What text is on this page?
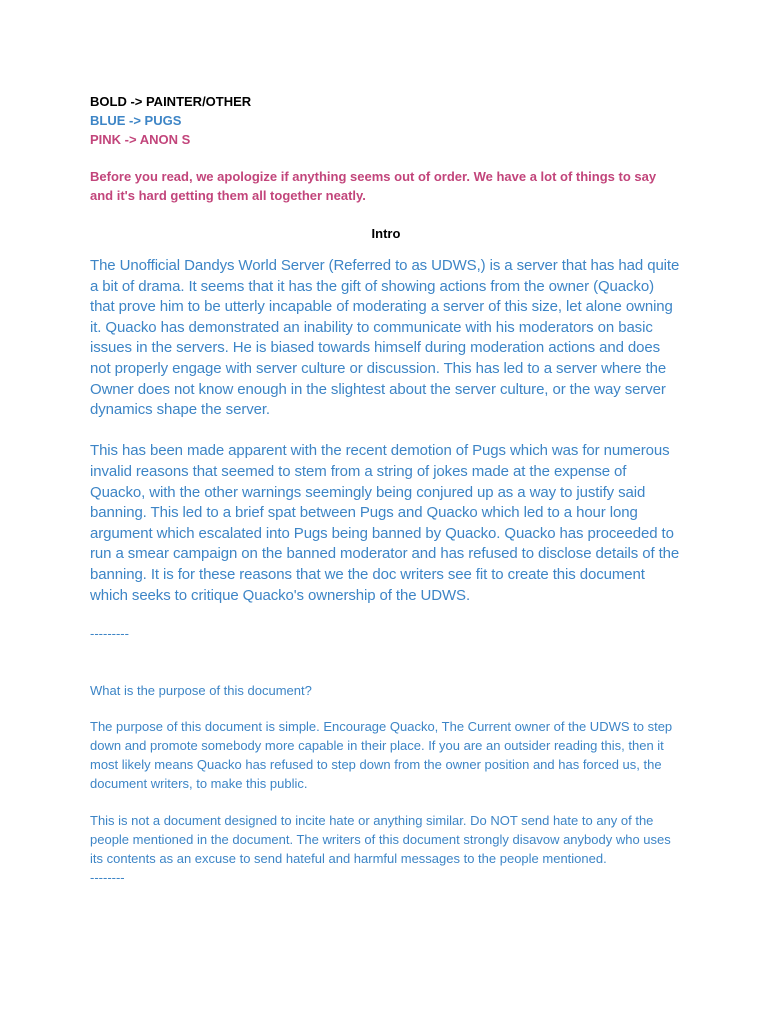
BOLD -> PAINTER/OTHER

BLUE -> PUGS

PINK -> ANON S

Before you read, we apologize if anything seems out of order. We have a lot of things to say and it's hard getting them all together neatly.
Intro
The Unofficial Dandys World Server (Referred to as UDWS,) is a server that has had quite a bit of drama. It seems that it has the gift of showing actions from the owner (Quacko) that prove him to be utterly incapable of moderating a server of this size, let alone owning it. Quacko has demonstrated an inability to communicate with his moderators on basic issues in the servers. He is biased towards himself during moderation actions and does not properly engage with server culture or discussion. This has led to a server where the Owner does not know enough in the slightest about the server culture, or the way server dynamics shape the server.
This has been made apparent with the recent demotion of Pugs which was for numerous invalid reasons that seemed to stem from a string of jokes made at the expense of Quacko, with the other warnings seemingly being conjured up as a way to justify said banning. This led to a brief spat between Pugs and Quacko which led to a hour long argument which escalated into Pugs being banned by Quacko. Quacko has proceeded to run a smear campaign on the banned moderator and has refused to disclose details of the banning. It is for these reasons that we the doc writers see fit to create this document which seeks to critique Quacko's ownership of the UDWS.
‐‐‐‐‐‐‐‐‐
What is the purpose of this document?
The purpose of this document is simple. Encourage Quacko, The Current owner of the UDWS to step down and promote somebody more capable in their place. If you are an outsider reading this, then it most likely means Quacko has refused to step down from the owner position and has forced us, the document writers, to make this public.
This is not a document designed to incite hate or anything similar. Do NOT send hate to any of the people mentioned in the document. The writers of this document strongly disavow anybody who uses its contents as an excuse to send hateful and harmful messages to the people mentioned.
‐‐‐‐‐‐‐‐
